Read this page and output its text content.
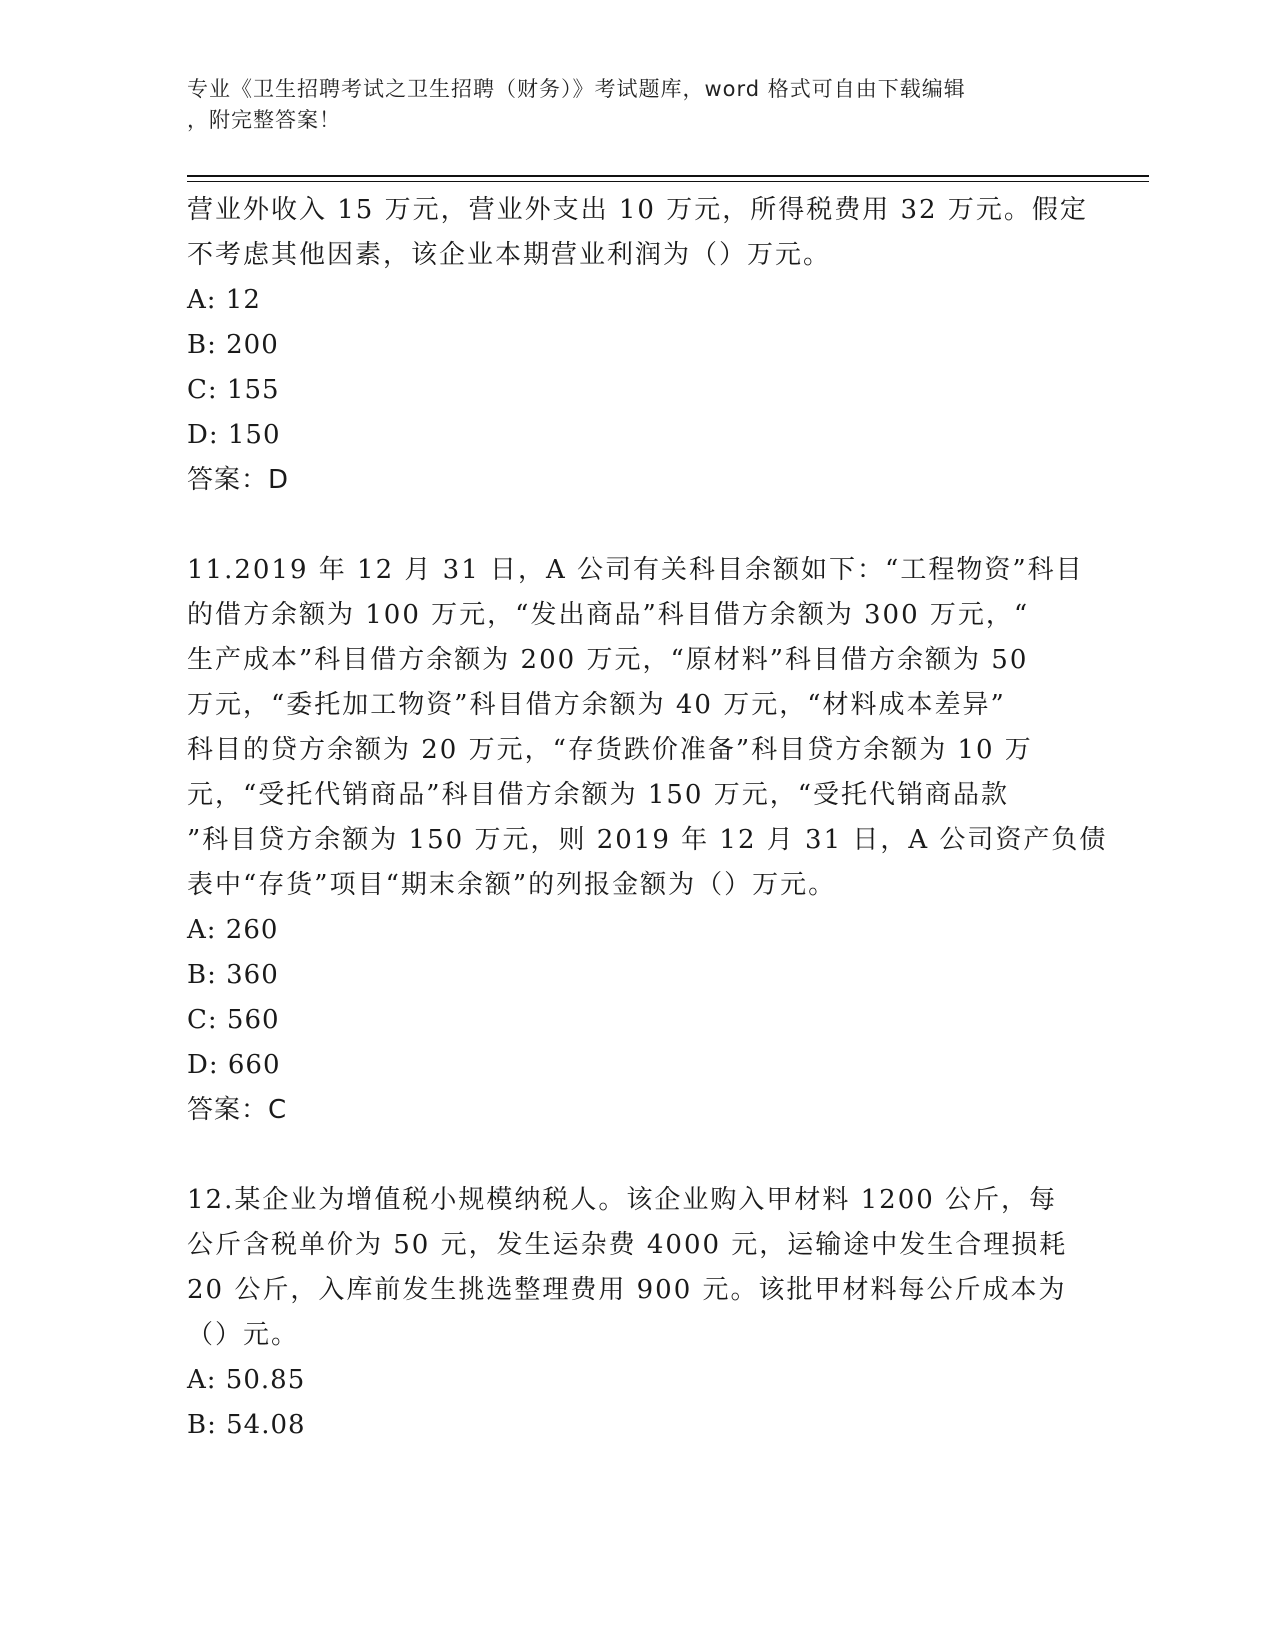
专业《卫生招聘考试之卫生招聘（财务）》考试题库，word 格式可自由下载编辑
，附完整答案！
营业外收入 15 万元，营业外支出 10 万元，所得税费用 32 万元。假定
不考虑其他因素，该企业本期营业利润为（）万元。
A: 12
B: 200
C: 155
D: 150
答案：D
11.2019 年 12 月 31 日，A 公司有关科目余额如下：“工程物资”科目
的借方余额为 100 万元，“发出商品”科目借方余额为 300 万元，“
生产成本”科目借方余额为 200 万元，“原材料”科目借方余额为 50
万元，“委托加工物资”科目借方余额为 40 万元，“材料成本差异”
科目的贷方余额为 20 万元，“存货跌价准备”科目贷方余额为 10 万
元，“受托代销商品”科目借方余额为 150 万元，“受托代销商品款
”科目贷方余额为 150 万元，则 2019 年 12 月 31 日，A 公司资产负债
表中“存货”项目“期末余额”的列报金额为（）万元。
A: 260
B: 360
C: 560
D: 660
答案：C
12.某企业为增值税小规模纳税人。该企业购入甲材料 1200 公斤，每
公斤含税单价为 50 元，发生运杂费 4000 元，运输途中发生合理损耗
20 公斤，入库前发生挑选整理费用 900 元。该批甲材料每公斤成本为
（）元。
A: 50.85
B: 54.08
